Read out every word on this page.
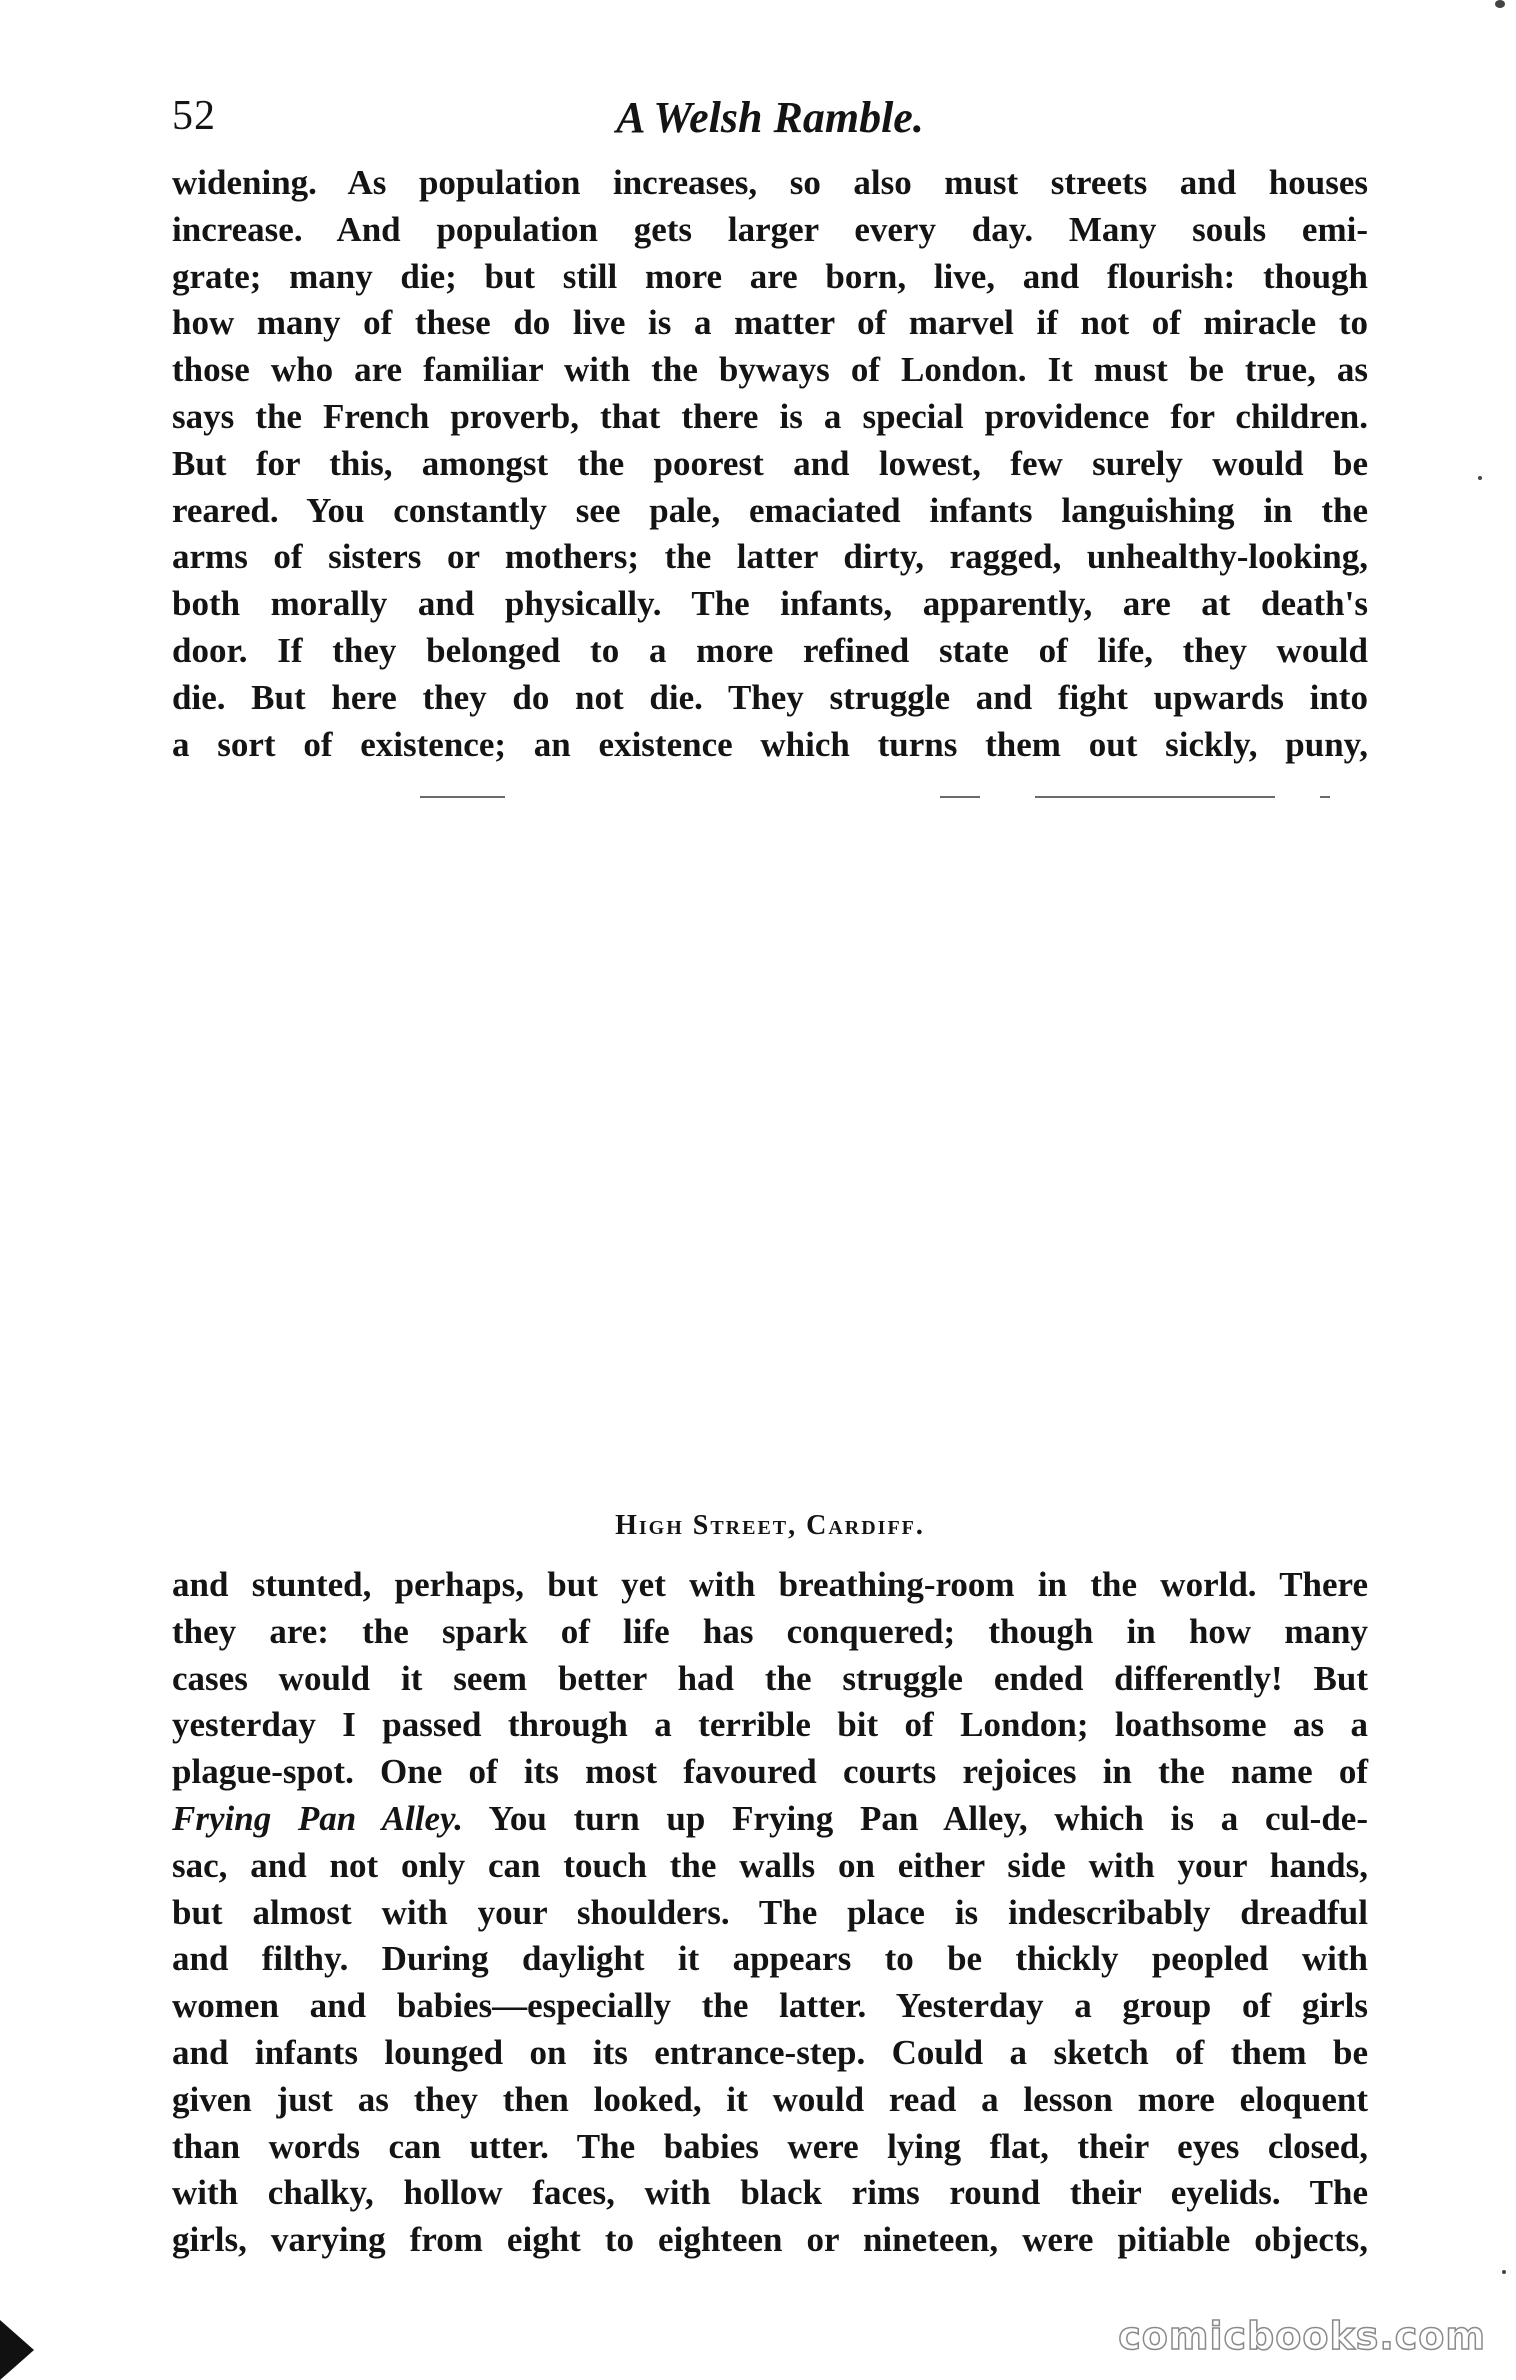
52	A Welsh Ramble.
widening. As population increases, so also must streets and houses
increase. And population gets larger every day. Many souls emi-
grate; many die; but still more are born, live, and flourish: though
how many of these do live is a matter of marvel if not of miracle to
those who are familiar with the byways of London. It must be true, as
says the French proverb, that there is a special providence for children.
But for this, amongst the poorest and lowest, few surely would be
reared. You constantly see pale, emaciated infants languishing in the
arms of sisters or mothers; the latter dirty, ragged, unhealthy-looking,
both morally and physically. The infants, apparently, are at death's
door. If they belonged to a more refined state of life, they would
die. But here they do not die. They struggle and fight upwards into
a sort of existence; an existence which turns them out sickly, puny,
High Street, Cardiff.
and stunted, perhaps, but yet with breathing-room in the world. There
they are: the spark of life has conquered; though in how many
cases would it seem better had the struggle ended differently! But
yesterday I passed through a terrible bit of London; loathsome as a
plague-spot. One of its most favoured courts rejoices in the name of
Frying Pan Alley. You turn up Frying Pan Alley, which is a cul-de-
sac, and not only can touch the walls on either side with your hands,
but almost with your shoulders. The place is indescribably dreadful
and filthy. During daylight it appears to be thickly peopled with
women and babies—especially the latter. Yesterday a group of girls
and infants lounged on its entrance-step. Could a sketch of them be
given just as they then looked, it would read a lesson more eloquent
than words can utter. The babies were lying flat, their eyes closed,
with chalky, hollow faces, with black rims round their eyelids. The
girls, varying from eight to eighteen or nineteen, were pitiable objects,
comicbooks.com
